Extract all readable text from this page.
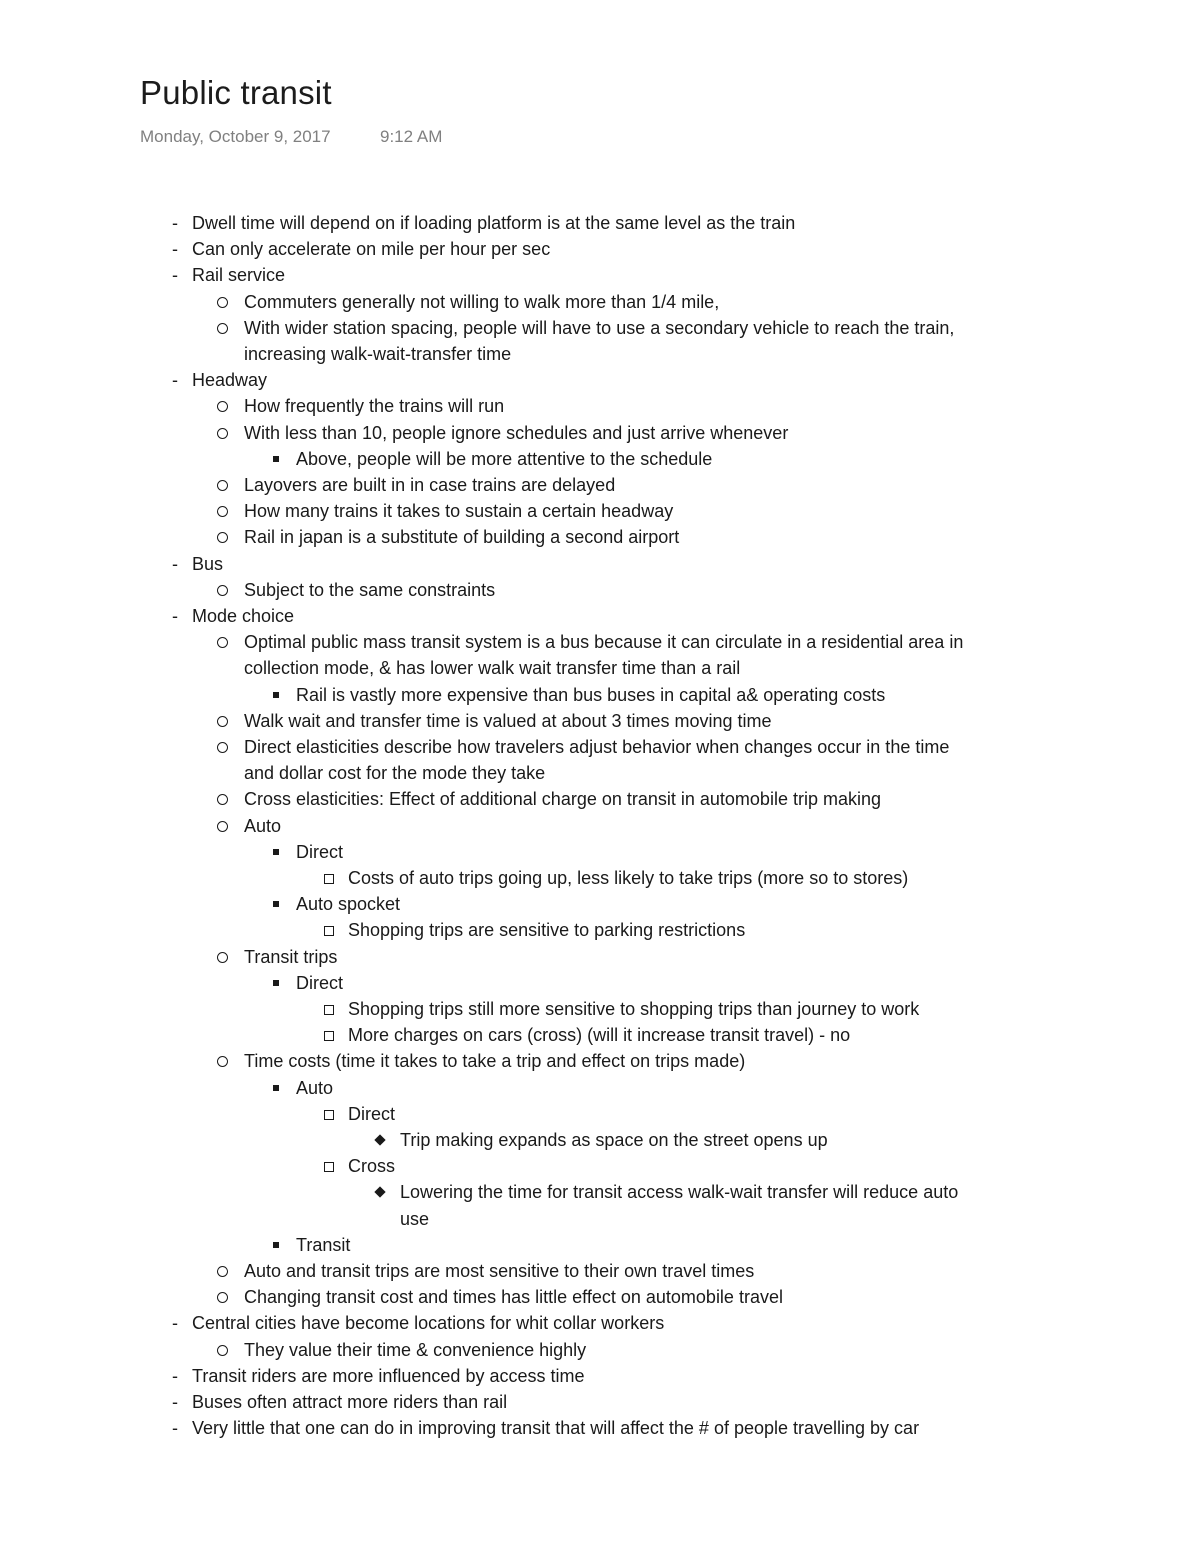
Public transit
Monday, October 9, 2017	9:12 AM
- Dwell time will depend on if loading platform is at the same level as the train
- Can only accelerate on mile per hour per sec
- Rail service
Commuters generally not willing to walk more than 1/4 mile,
With wider station spacing, people will have to use a secondary vehicle to reach the train,
increasing walk-wait-transfer time
- Headway
How frequently the trains will run
With less than 10, people ignore schedules and just arrive whenever
Above, people will be more attentive to the schedule
Layovers are built in in case trains are delayed
How many trains it takes to sustain a certain headway
Rail in japan is a substitute of building a second airport
- Bus
Subject to the same constraints
- Mode choice
Optimal public mass transit system is a bus because it can circulate in a residential area in
collection mode, & has lower walk wait transfer time than a rail
Rail is vastly more expensive than bus buses in capital a& operating costs
Walk wait and transfer time is valued at about 3 times moving time
Direct elasticities describe how travelers adjust behavior when changes occur in the time
and dollar cost for the mode they take
Cross elasticities: Effect of additional charge on transit in automobile trip making
Auto
Direct
Costs of auto trips going up, less likely to take trips (more so to stores)
Auto spocket
Shopping trips are sensitive to parking restrictions
Transit trips
Direct
Shopping trips still more sensitive to shopping trips than journey to work
More charges on cars (cross) (will it increase transit travel) - no
Time costs (time it takes to take a trip and effect on trips made)
Auto
Direct
Trip making expands as space on the street opens up
Cross
Lowering the time for transit access walk-wait transfer will reduce auto
use
Transit
Auto and transit trips are most sensitive to their own travel times
Changing transit cost and times has little effect on automobile travel
- Central cities have become locations for whit collar workers
They value their time & convenience highly
- Transit riders are more influenced by access time
- Buses often attract more riders than rail
- Very little that one can do in improving transit that will affect the # of people travelling by car
